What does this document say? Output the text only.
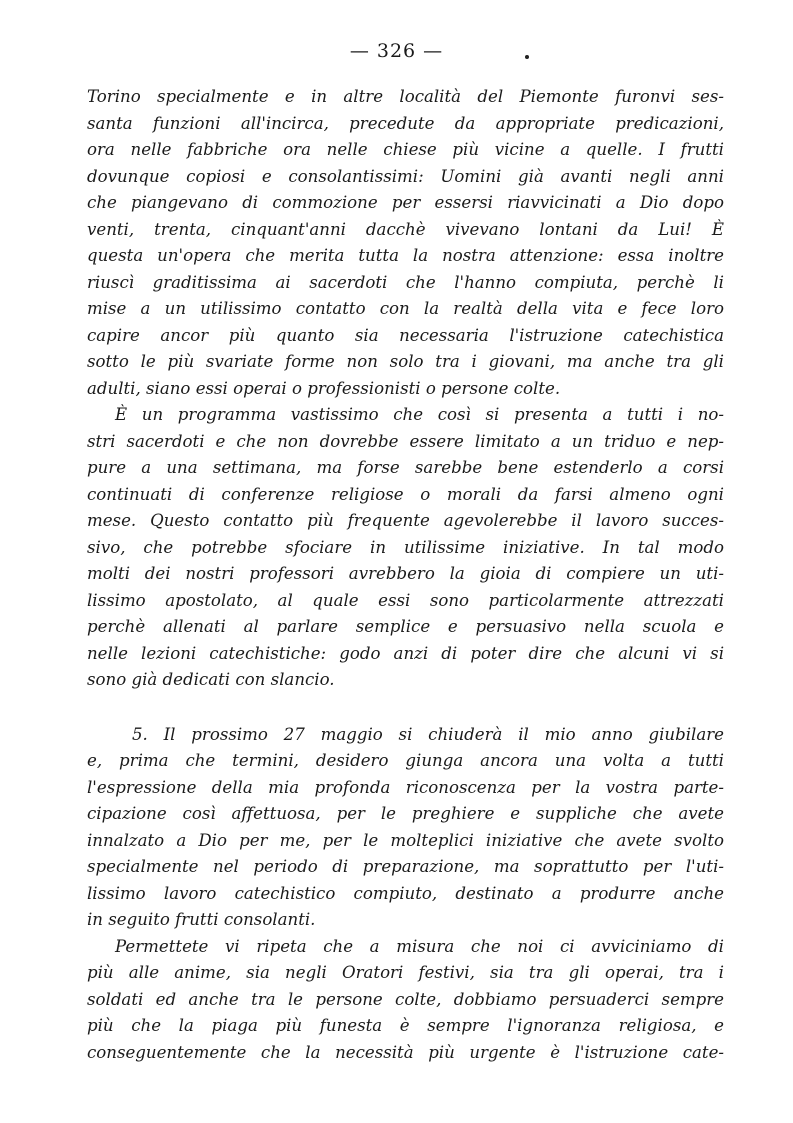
— 326 —
Torino specialmente e in altre località del Piemonte furonvi ses-
santa funzioni all'incirca, precedute da appropriate predicazioni,
ora nelle fabbriche ora nelle chiese più vicine a quelle. I frutti
dovunque copiosi e consolantissimi: Uomini già avanti negli anni
che piangevano di commozione per essersi riavvicinati a Dio dopo
venti, trenta, cinquant'anni dacchè vivevano lontani da Lui! È
questa un'opera che merita tutta la nostra attenzione: essa inoltre
riuscì graditissima ai sacerdoti che l'hanno compiuta, perchè li
mise a un utilissimo contatto con la realtà della vita e fece loro
capire ancor più quanto sia necessaria l'istruzione catechistica
sotto le più svariate forme non solo tra i giovani, ma anche tra gli
adulti, siano essi operai o professionisti o persone colte.
È un programma vastissimo che così si presenta a tutti i no-
stri sacerdoti e che non dovrebbe essere limitato a un triduo e nep-
pure a una settimana, ma forse sarebbe bene estenderlo a corsi
continuati di conferenze religiose o morali da farsi almeno ogni
mese. Questo contatto più frequente agevolerebbe il lavoro succes-
sivo, che potrebbe sfociare in utilissime iniziative. In tal modo
molti dei nostri professori avrebbero la gioia di compiere un uti-
lissimo apostolato, al quale essi sono particolarmente attrezzati
perchè allenati al parlare semplice e persuasivo nella scuola e
nelle lezioni catechistiche: godo anzi di poter dire che alcuni vi si
sono già dedicati con slancio.
5. Il prossimo 27 maggio si chiuderà il mio anno giubilare
e, prima che termini, desidero giunga ancora una volta a tutti
l'espressione della mia profonda riconoscenza per la vostra parte-
cipazione così affettuosa, per le preghiere e suppliche che avete
innalzato a Dio per me, per le molteplici iniziative che avete svolto
specialmente nel periodo di preparazione, ma soprattutto per l'uti-
lissimo lavoro catechistico compiuto, destinato a produrre anche
in seguito frutti consolanti.
Permettete vi ripeta che a misura che noi ci avviciniamo di
più alle anime, sia negli Oratori festivi, sia tra gli operai, tra i
soldati ed anche tra le persone colte, dobbiamo persuaderci sempre
più che la piaga più funesta è sempre l'ignoranza religiosa, e
conseguentemente che la necessità più urgente è l'istruzione cate-
